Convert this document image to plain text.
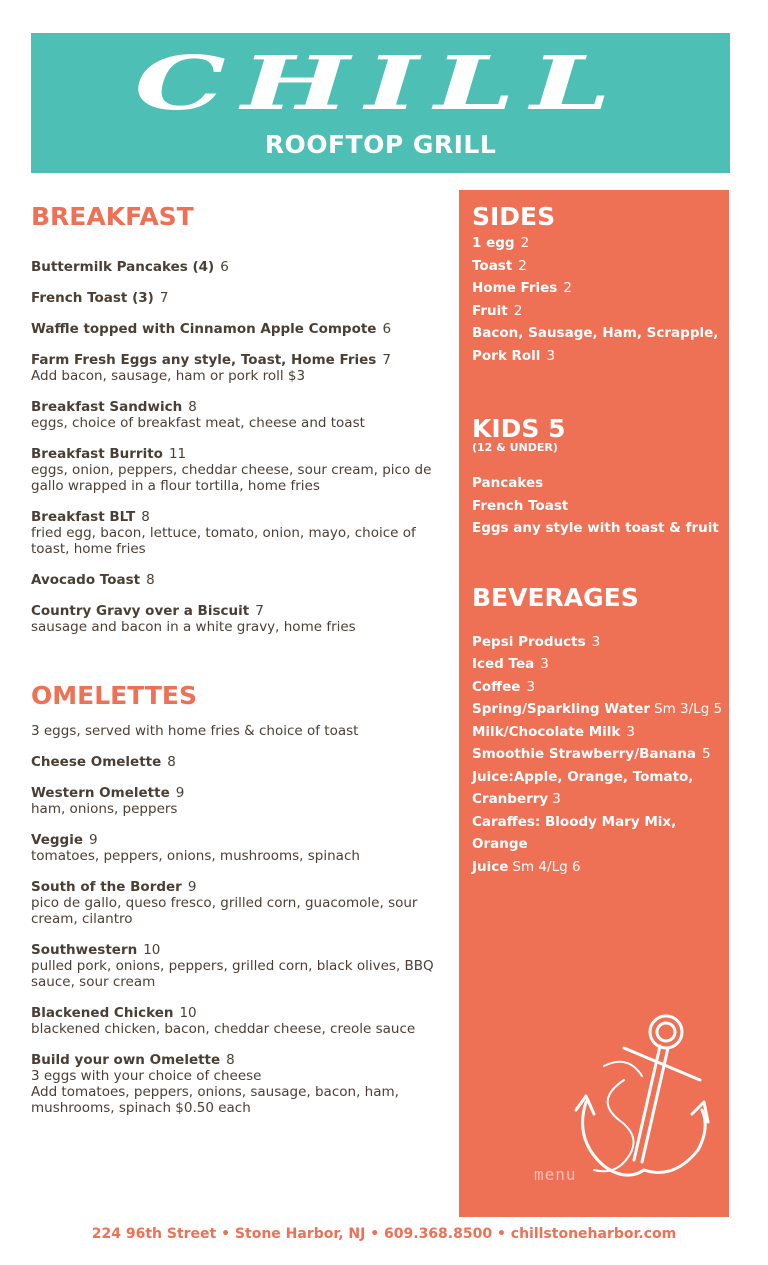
CHILL
ROOFTOP GRILL
BREAKFAST
Buttermilk Pancakes (4) 6
French Toast (3) 7
Waffle topped with Cinnamon Apple Compote 6
Farm Fresh Eggs any style, Toast, Home Fries 7
Add bacon, sausage, ham or pork roll $3
Breakfast Sandwich 8
eggs, choice of breakfast meat, cheese and toast
Breakfast Burrito 11
eggs, onion, peppers, cheddar cheese, sour cream, pico de gallo wrapped in a flour tortilla, home fries
Breakfast BLT 8
fried egg, bacon, lettuce, tomato, onion, mayo, choice of toast, home fries
Avocado Toast 8
Country Gravy over a Biscuit 7
sausage and bacon in a white gravy, home fries
OMELETTES
3 eggs, served with home fries & choice of toast
Cheese Omelette 8
Western Omelette 9
ham, onions, peppers
Veggie 9
tomatoes, peppers, onions, mushrooms, spinach
South of the Border 9
pico de gallo, queso fresco, grilled corn, guacomole, sour cream, cilantro
Southwestern 10
pulled pork, onions, peppers, grilled corn, black olives, BBQ sauce, sour cream
Blackened Chicken 10
blackened chicken, bacon, cheddar cheese, creole sauce
Build your own Omelette 8
3 eggs with your choice of cheese
Add tomatoes, peppers, onions, sausage, bacon, ham, mushrooms, spinach $0.50 each
SIDES
1 egg 2
Toast 2
Home Fries 2
Fruit 2
Bacon, Sausage, Ham, Scrapple,
Pork Roll 3
KIDS 5
(12 & UNDER)
Pancakes
French Toast
Eggs any style with toast & fruit
BEVERAGES
Pepsi Products 3
Iced Tea 3
Coffee 3
Spring/Sparkling Water Sm 3/Lg 5
Milk/Chocolate Milk 3
Smoothie Strawberry/Banana 5
Juice:Apple, Orange, Tomato,
Cranberry 3
Caraffes: Bloody Mary Mix, Orange
Juice Sm 4/Lg 6
menu
224 96th Street • Stone Harbor, NJ • 609.368.8500 • chillstoneharbor.com
